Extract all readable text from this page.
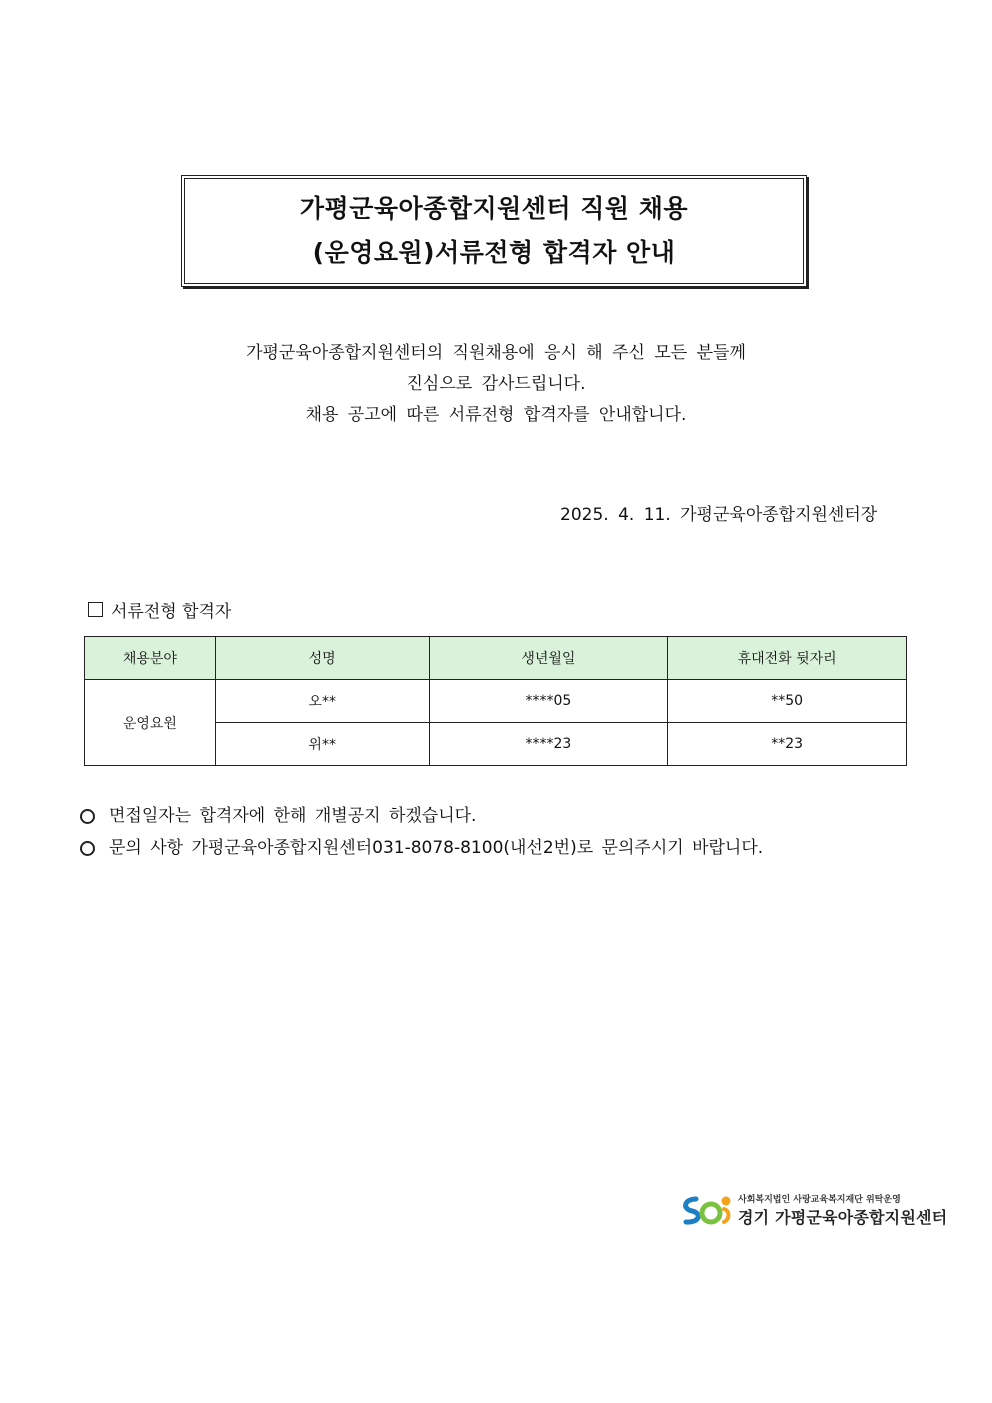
가평군육아종합지원센터 직원 채용
(운영요원)서류전형 합격자 안내
가평군육아종합지원센터의 직원채용에 응시 해 주신 모든 분들께
진심으로 감사드립니다.
채용 공고에 따른 서류전형 합격자를 안내합니다.
2025. 4. 11. 가평군육아종합지원센터장
서류전형 합격자
채용분야	성명	생년월일	휴대전화 뒷자리
운영요원	오**	****05	**50
	위**	****23	**23
면접일자는 합격자에 한해 개별공지 하겠습니다.
문의 사항 가평군육아종합지원센터031-8078-8100(내선2번)로 문의주시기 바랍니다.
사회복지법인 사랑교육복지재단 위탁운영
경기 가평군육아종합지원센터
